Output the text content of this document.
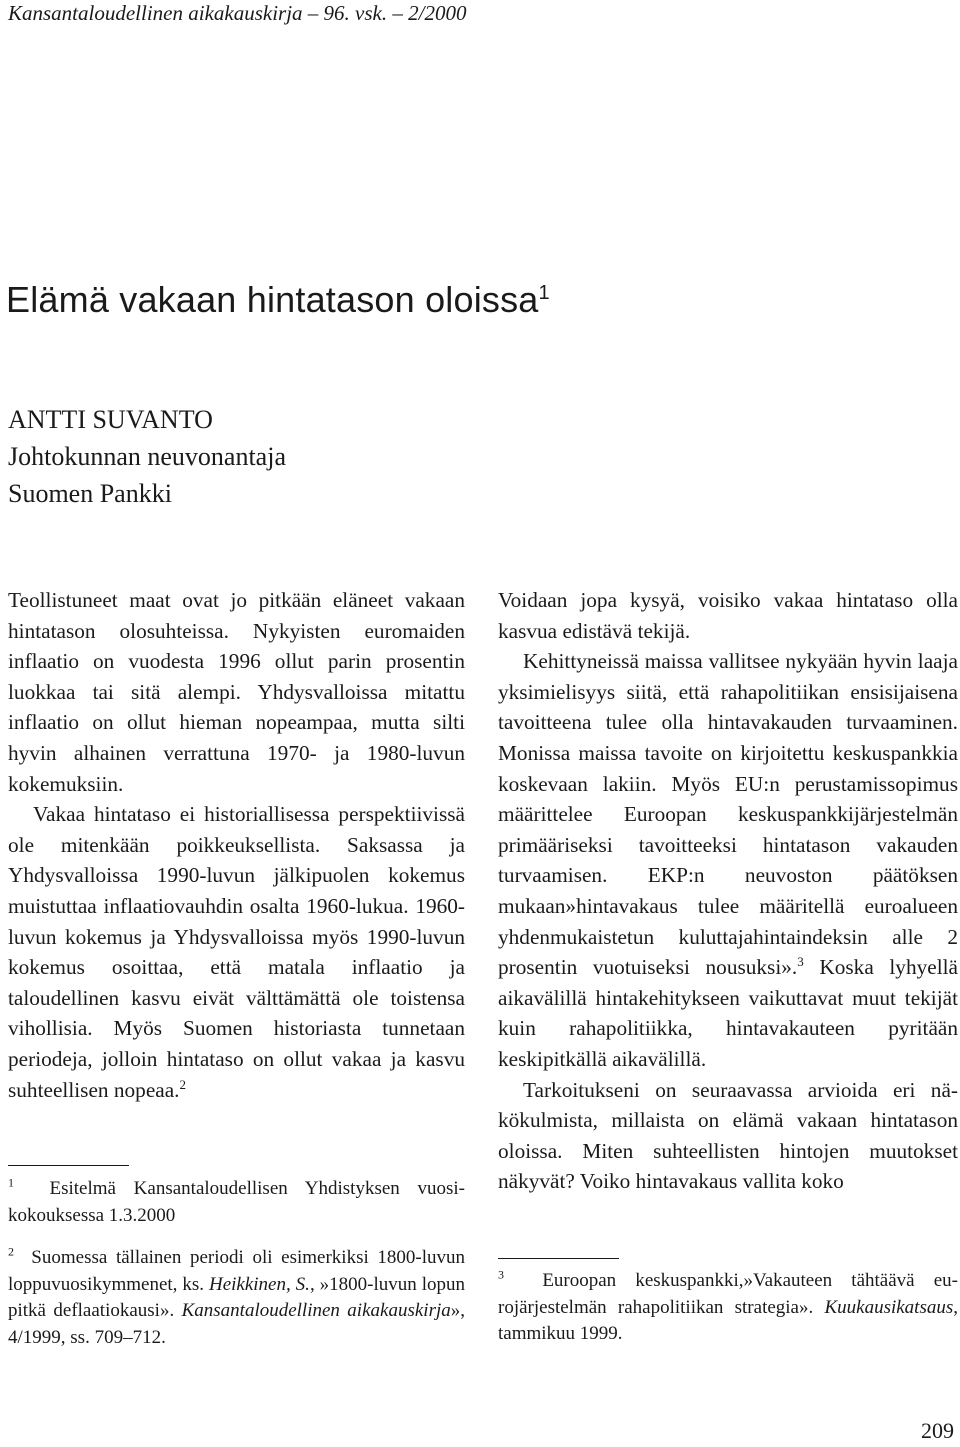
Kansantaloudellinen aikakauskirja – 96. vsk. – 2/2000
Elämä vakaan hintatason oloissa$^1$
ANTTI SUVANTO
Johtokunnan neuvonantaja
Suomen Pankki

Teollistuneet maat ovat jo pitkään eläneet vakaan hintatason olosuhteissa. Nykyisten euromaiden inflaatio on vuodesta 1996 ollut parin prosentin luokkaa tai sitä alempi. Yhdysvalloissa mitattu inflaatio on ollut hieman nopeampaa, mutta silti hyvin alhainen verrattuna 1970- ja 1980-luvun kokemuksiin.

Vakaa hintataso ei historiallisessa perspektiivissä ole mitenkään poikkeuksellista. Saksassa ja Yhdysvalloissa 1990-luvun jälkipuolen kokemus muistuttaa inflaatiovauhdin osalta 1960-lukua. 1960-luvun kokemus ja Yhdysvalloissa myös 1990-luvun kokemus osoittaa, että matala inflaatio ja taloudellinen kasvu eivät välttämättä ole toistensa vihollisia. Myös Suomen historiasta tunnetaan periodeja, jolloin hintataso on ollut vakaa ja kasvu suhteellisen nopeaa.$^2$

$^1$ Esitelmä Kansantaloudellisen Yhdistyksen vuosikokouksessa 1.3.2000
$^2$ Suomessa tällainen periodi oli esimerkiksi 1800-luvun loppuvuosikymmenet, ks. Heikkinen, S., »1800-luvun lopun pitkä deflaatiokausi». Kansantaloudellinen aikakauskirja», 4/1999, ss. 709–712.

Voidaan jopa kysyä, voisiko vakaa hintataso olla kasvua edistävä tekijä.

Kehittyneissä maissa vallitsee nykyään hyvin laaja yksimielisyys siitä, että rahapolitiikan ensisijaisena tavoitteena tulee olla hintavakauden turvaaminen. Monissa maissa tavoite on kirjoitettu keskuspankkia koskevaan lakiin. Myös EU:n perustamissopimus määrittelee Euroopan keskuspankkijärjestelmän primääriseksi tavoitteeksi hintatason vakauden turvaamisen. EKP:n neuvoston päätöksen mukaan»hintavakaus tulee määritellä euroalueen yhdenmukaistetun kuluttajahintaindeksin alle 2 prosentin vuotuiseksi nousuksi».$^3$ Koska lyhyellä aikavälillä hintakehitykseen vaikuttavat muut tekijät kuin rahapolitiikka, hintavakauteen pyritään keskipitkällä aikavälillä.

Tarkoitukseni on seuraavassa arvioida eri näkökulmista, millaista on elämä vakaan hintatason oloissa. Miten suhteellisten hintojen muutokset näkyvät? Voiko hintavakaus vallita koko

$^3$ Euroopan keskuspankki,»Vakauteen tähtäävä eurojärjestelmän rahapolitiikan strategia». Kuukausikatsaus, tammikuu 1999.
209
